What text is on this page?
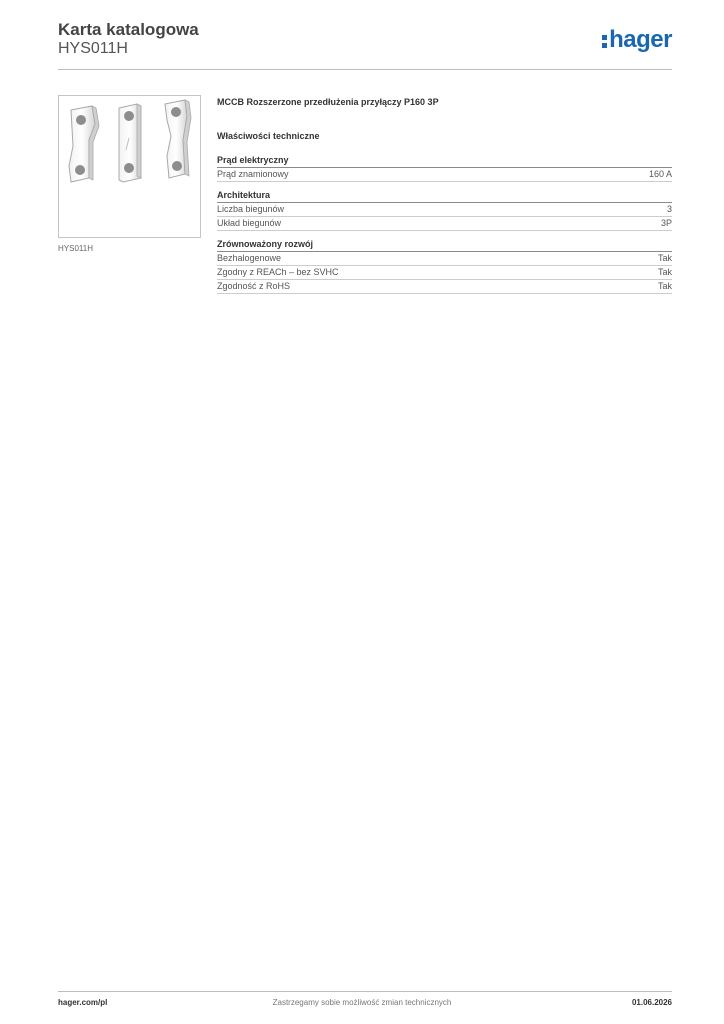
Karta katalogowa
HYS011H	hager
HYS011H
MCCB Rozszerzone przedłużenia przyłączy P160 3P
Właściwości techniczne
Prąd elektryczny
Prąd znamionowy	160 A
Architektura
Liczba biegunów	3
Układ biegunów	3P
Zrównoważony rozwój
Bezhalogenowe	Tak
Zgodny z REACh – bez SVHC	Tak
Zgodność z RoHS	Tak
hager.com/pl	Zastrzegamy sobie możliwość zmian technicznych	01.06.2026
